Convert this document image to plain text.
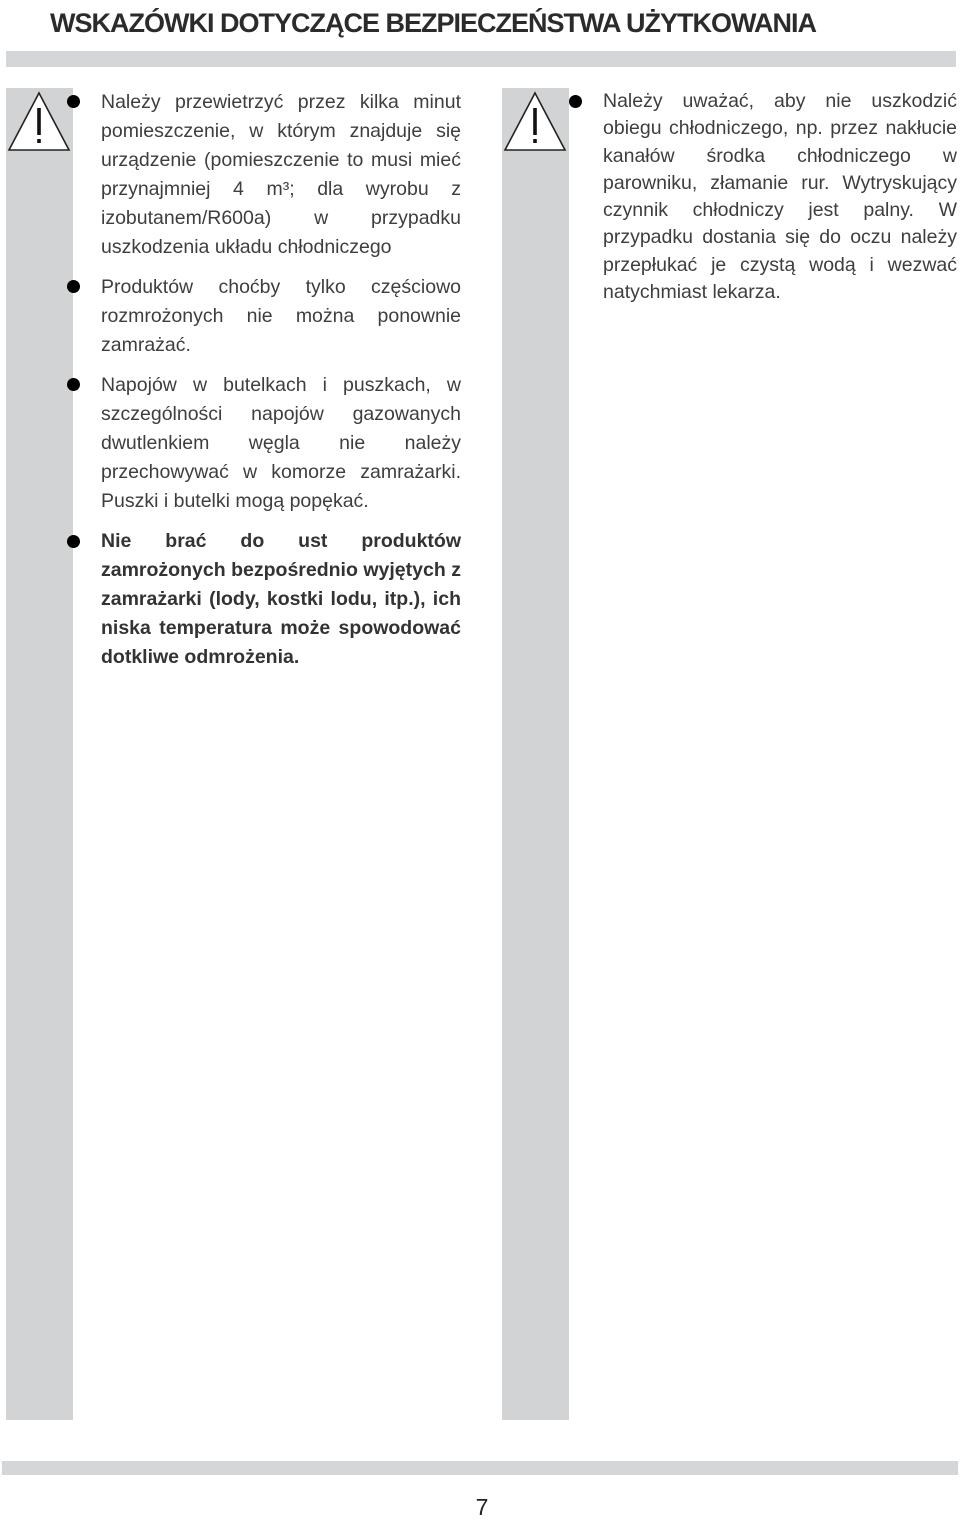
WSKAZÓWKI DOTYCZĄCE BEZPIECZEŃSTWA UŻYTKOWANIA
Należy przewietrzyć przez kilka minut pomieszczenie, w którym znajduje się urządzenie (pomieszczenie to musi mieć przynajmniej 4 m³; dla wyrobu z izobutanem/R600a) w przypadku uszkodzenia układu chłodniczego
Produktów choćby tylko częściowo rozmrożonych nie można ponownie zamrażać.
Napojów w butelkach i puszkach, w szczególności napojów gazowanych dwutlenkiem węgla nie należy przechowywać w komorze zamrażarki. Puszki i butelki mogą popękać.
Nie brać do ust produktów zamrożonych bezpośrednio wyjętych z zamrażarki (lody, kostki lodu, itp.), ich niska temperatura może spowodować dotkliwe odmrożenia.
Należy uważać, aby nie uszkodzić obiegu chłodniczego, np. przez nakłucie kanałów środka chłodniczego w parowniku, złamanie rur. Wytryskujący czynnik chłodniczy jest palny. W przypadku dostania się do oczu należy przepłukać je czystą wodą i wezwać natychmiast lekarza.
7
